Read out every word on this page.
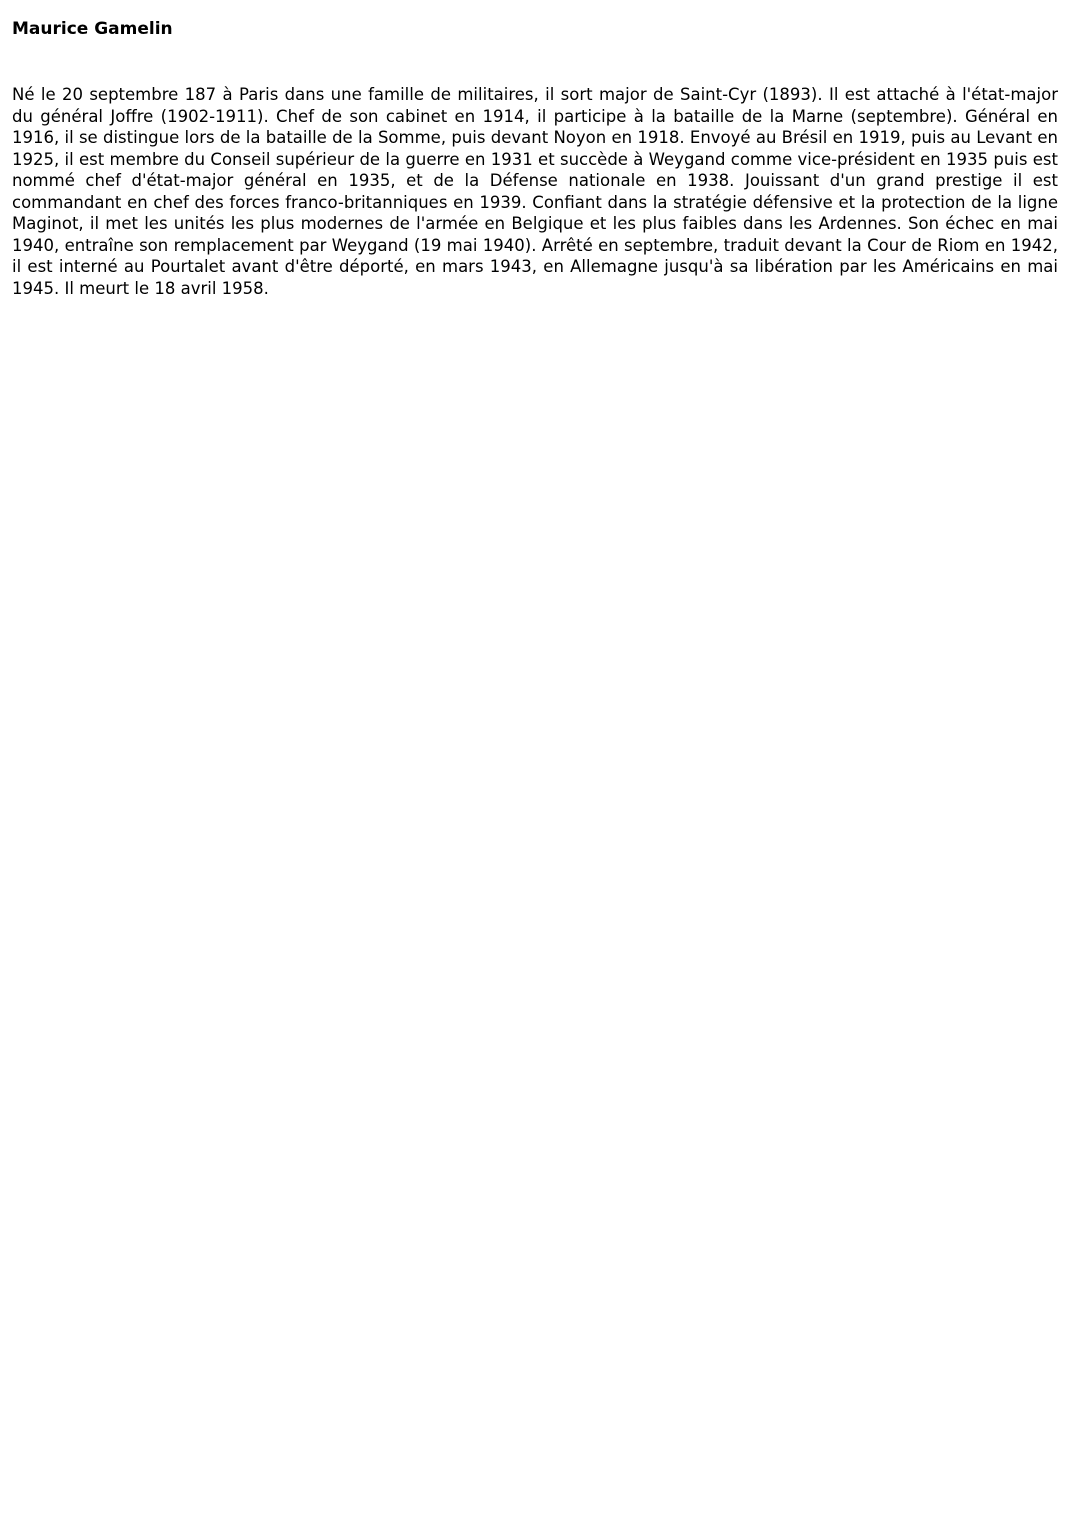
Maurice Gamelin

Né le 20 septembre 187 à Paris dans une famille de militaires, il sort major de Saint-Cyr (1893). Il est attaché à l'état-major du général Joffre (1902-1911). Chef de son cabinet en 1914, il participe à la bataille de la Marne (septembre). Général en 1916, il se distingue lors de la bataille de la Somme, puis devant Noyon en 1918. Envoyé au Brésil en 1919, puis au Levant en 1925, il est membre du Conseil supérieur de la guerre en 1931 et succède à Weygand comme vice-président en 1935 puis est nommé chef d'état-major général en 1935, et de la Défense nationale en 1938. Jouissant d'un grand prestige il est commandant en chef des forces franco-britanniques en 1939. Confiant dans la stratégie défensive et la protection de la ligne Maginot, il met les unités les plus modernes de l'armée en Belgique et les plus faibles dans les Ardennes. Son échec en mai 1940, entraîne son remplacement par Weygand (19 mai 1940). Arrêté en septembre, traduit devant la Cour de Riom en 1942, il est interné au Pourtalet avant d'être déporté, en mars 1943, en Allemagne jusqu'à sa libération par les Américains en mai 1945. Il meurt le 18 avril 1958.
